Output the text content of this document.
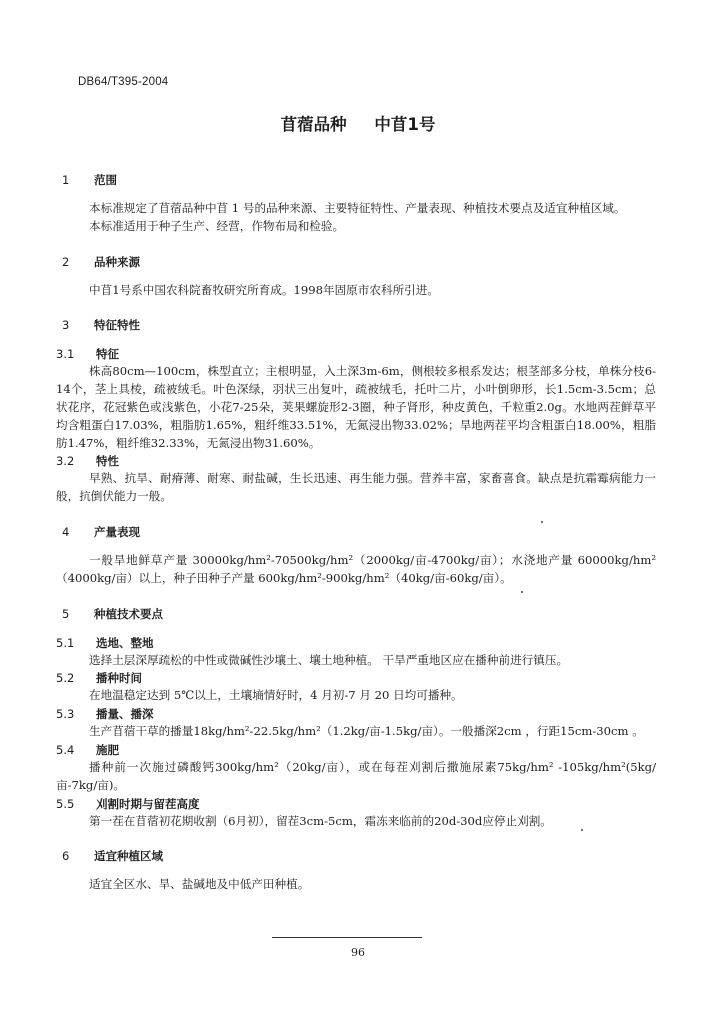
DB64/T395-2004
苜蓿品种 中苜1号
1 范围

本标准规定了苜蓿品种中苜 1 号的品种来源、主要特征特性、产量表现、种植技术要点及适宜种植区域。

本标准适用于种子生产、经营，作物布局和检验。

2 品种来源

中苜1号系中国农科院畜牧研究所育成。1998年固原市农科所引进。

3 特征特性
3.1 特征

株高80cm—100cm，株型直立；主根明显，入土深3m-6m，侧根较多根系发达；根茎部多分枝，单株分枝6-14个，茎上具棱，疏被绒毛。叶色深绿，羽状三出复叶，疏被绒毛，托叶二片，小叶倒卵形，长1.5cm-3.5cm；总状花序，花冠紫色或浅紫色，小花7-25朵，荚果螺旋形2-3圈，种子肾形，种皮黄色，千粒重2.0g。水地两茬鲜草平均含粗蛋白17.03%，粗脂肪1.65%，粗纤维33.51%，无氮浸出物33.02%；旱地两茬平均含粗蛋白18.00%，粗脂肪1.47%，粗纤维32.33%，无氮浸出物31.60%。

3.2 特性

早熟、抗旱、耐瘠薄、耐寒、耐盐碱，生长迅速、再生能力强。营养丰富，家畜喜食。缺点是抗霜霉病能力一般，抗倒伏能力一般。

4 产量表现

一般旱地鲜草产量 30000kg/hm²-70500kg/hm²（2000kg/亩-4700kg/亩）；水浇地产量 60000kg/hm²（4000kg/亩）以上，种子田种子产量 600kg/hm²-900kg/hm²（40kg/亩-60kg/亩）。

5 种植技术要点
5.1 选地、整地

选择土层深厚疏松的中性或微碱性沙壤土、壤土地种植。 干旱严重地区应在播种前进行镇压。

5.2 播种时间

在地温稳定达到 5℃以上，土壤墒情好时，4 月初-7 月 20 日均可播种。

5.3 播量、播深

生产苜蓿干草的播量18kg/hm²-22.5kg/hm²（1.2kg/亩-1.5kg/亩）。一般播深2cm ，行距15cm-30cm 。

5.4 施肥

播种前一次施过磷酸钙300kg/hm²（20kg/亩），或在每茬刈割后撒施尿素75kg/hm² -105kg/hm²(5kg/亩-7kg/亩)。

5.5 刈割时期与留茬高度

第一茬在苜蓿初花期收割（6月初），留茬3cm-5cm，霜冻来临前的20d-30d应停止刈割。

6 适宜种植区域

适宜全区水、旱、盐碱地及中低产田种植。

96
